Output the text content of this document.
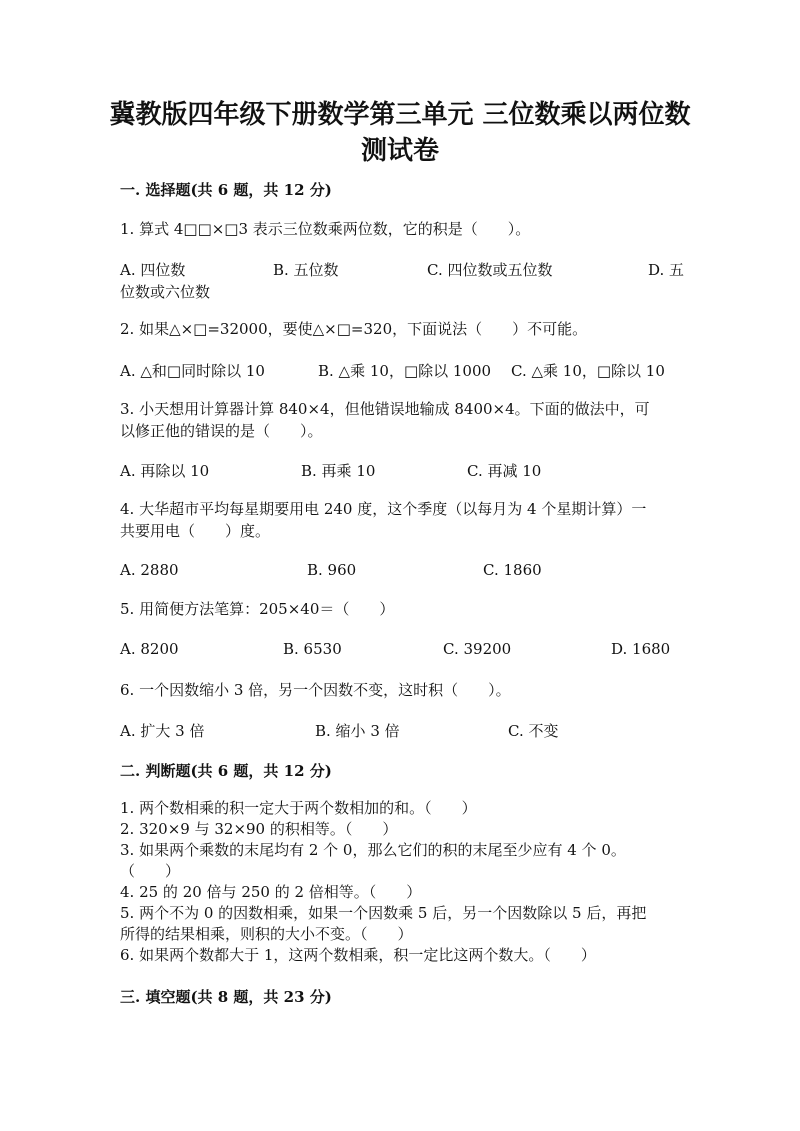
冀教版四年级下册数学第三单元 三位数乘以两位数
测试卷
一. 选择题(共 6 题，共 12 分)
1. 算式 4□□×□3 表示三位数乘两位数，它的积是（　　）。
A. 四位数	B. 五位数	C. 四位数或五位数	D. 五
位数或六位数
2. 如果△×□=32000，要使△×□=320，下面说法（　　）不可能。
A. △和□同时除以 10	B. △乘 10，□除以 1000 C. △乘 10，□除以 10
3. 小天想用计算器计算 840×4，但他错误地输成 8400×4。下面的做法中，可
以修正他的错误的是（　　）。
A. 再除以 10	B. 再乘 10	C. 再减 10
4. 大华超市平均每星期要用电 240 度，这个季度（以每月为 4 个星期计算）一
共要用电（　　）度。
A. 2880	B. 960	C. 1860
5. 用简便方法笔算：205×40＝（　　）
A. 8200	B. 6530	C. 39200	D. 1680
6. 一个因数缩小 3 倍，另一个因数不变，这时积（　　）。
A. 扩大 3 倍	B. 缩小 3 倍	C. 不变
二. 判断题(共 6 题，共 12 分)
1. 两个数相乘的积一定大于两个数相加的和。（　　）
2. 320×9 与 32×90 的积相等。（　　）
3. 如果两个乘数的末尾均有 2 个 0，那么它们的积的末尾至少应有 4 个 0。
（　　）
4. 25 的 20 倍与 250 的 2 倍相等。（　　）
5. 两个不为 0 的因数相乘，如果一个因数乘 5 后，另一个因数除以 5 后，再把
所得的结果相乘，则积的大小不变。（　　）
6. 如果两个数都大于 1，这两个数相乘，积一定比这两个数大。（　　）
三. 填空题(共 8 题，共 23 分)
